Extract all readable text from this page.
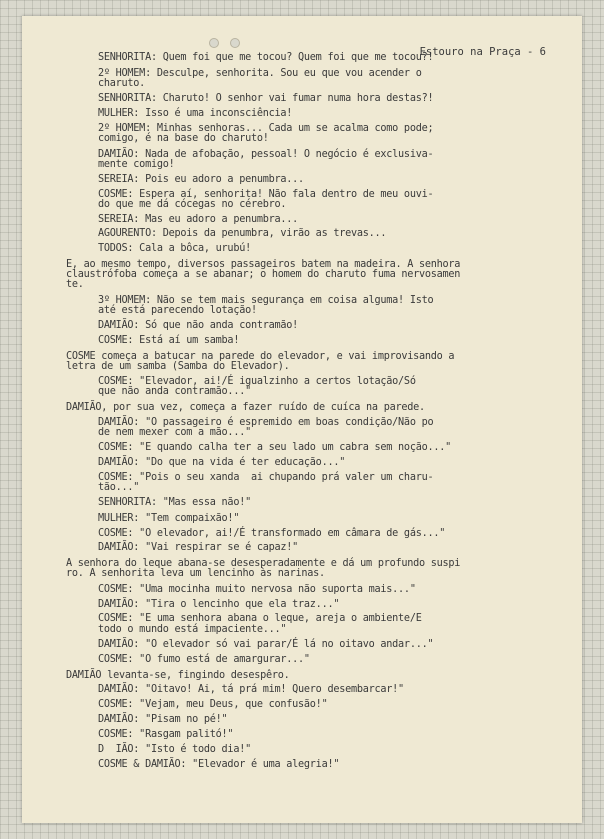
Estouro na Praça - 6
SENHORITA: Quem foi que me tocou? Quem foi que me tocou?!
2º HOMEM: Desculpe, senhorita. Sou eu que vou acender o
charuto.
SENHORITA: Charuto! O senhor vai fumar numa hora destas?!
MULHER: Isso é uma inconsciência!
2º HOMEM: Minhas senhoras... Cada um se acalma como pode;
comigo, é na base do charuto!
DAMIÃO: Nada de afobação, pessoal! O negócio é exclusiva-
mente comigo!
SEREIA: Pois eu adoro a penumbra...
COSME: Espera aí, senhorita! Não fala dentro de meu ouvi-
do que me dá cócegas no cérebro.
SEREIA: Mas eu adoro a penumbra...
AGOURENTO: Depois da penumbra, virão as trevas...
TODOS: Cala a bôca, urubú!
E, ao mesmo tempo, diversos passageiros batem na madeira. A senhora
claustrófoba começa a se abanar; o homem do charuto fuma nervosamen
te.
3º HOMEM: Não se tem mais segurança em coisa alguma! Isto
até está parecendo lotação!
DAMIÃO: Só que não anda contramão!
COSME: Está aí um samba!
COSME começa a batucar na parede do elevador, e vai improvisando a
letra de um samba (Samba do Elevador).
COSME: "Elevador, ai!/É igualzinho a certos lotação/Só
que não anda contramão..."
DAMIÃO, por sua vez, começa a fazer ruído de cuíca na parede.
DAMIÃO: "O passageiro é espremido em boas condição/Não po
de nem mexer com a mão..."
COSME: "E quando calha ter a seu lado um cabra sem noção..."
DAMIÃO: "Do que na vida é ter educação..."
COSME: "Pois o seu xanda  ai chupando prá valer um charu-
tão..."
SENHORITA: "Mas essa não!"
MULHER: "Tem compaixão!"
COSME: "O elevador, ai!/É transformado em câmara de gás..."
DAMIÃO: "Vai respirar se é capaz!"
A senhora do leque abana-se desesperadamente e dá um profundo suspi
ro. A senhorita leva um lencinho às narinas.
COSME: "Uma mocinha muito nervosa não suporta mais..."
DAMIÃO: "Tira o lencinho que ela traz..."
COSME: "E uma senhora abana o leque, areja o ambiente/E
todo o mundo está impaciente..."
DAMIÃO: "O elevador só vai parar/É lá no oitavo andar..."
COSME: "O fumo está de amargurar..."
DAMIÃO levanta-se, fingindo desespêro.
DAMIÃO: "Oitavo! Ai, tá prá mim! Quero desembarcar!"
COSME: "Vejam, meu Deus, que confusão!"
DAMIÃO: "Pisam no pé!"
COSME: "Rasgam palitó!"
D  IÃO: "Isto é todo dia!"
COSME & DAMIÃO: "Elevador é uma alegria!"
